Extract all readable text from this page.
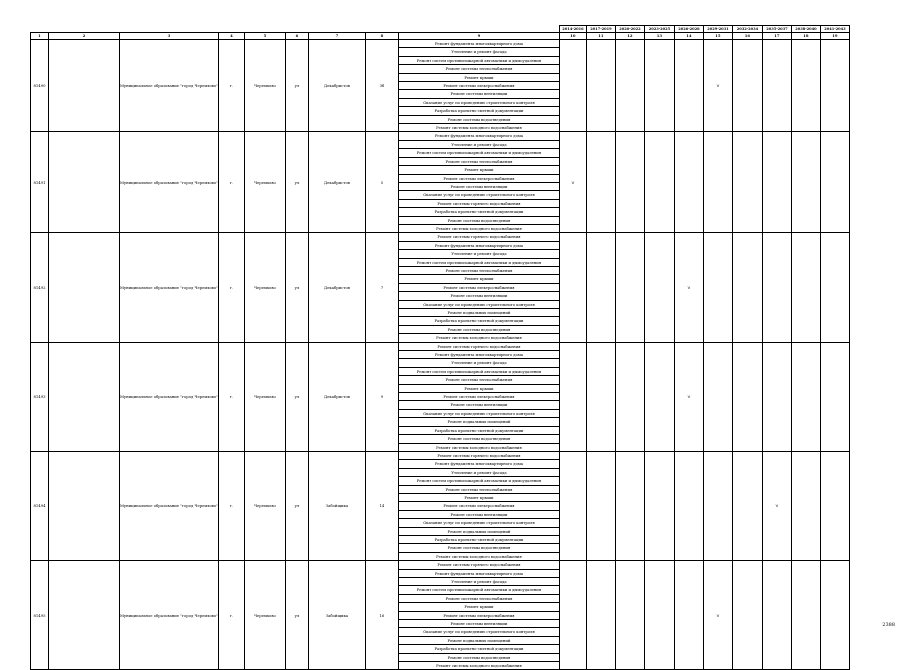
									2014-2016	2017-2019	2020-2022	2023-2025	2026-2028	2029-2031	2032-2034	2035-2037	2038-2040	2041-2043
1	2	3	4	5	6	7	8	9	10	11	12	13	14	15	16	17	18	19
81490		Муниципальное образование "город Черемхово"	г.	Черемхово	ул	Декабристов	3б	Ремонт фундамента многоквартирного дома						V				
								Утепление и ремонт фасада										
								Ремонт систем противопожарной автоматики и дымоудаления										
								Ремонт системы теплоснабжения										
								Ремонт крыши										
								Ремонт системы электроснабжения										
								Ремонт системы вентиляции										
								Оказание услуг по проведению строительного контроля										
								Разработка проектно-сметной документации										
								Ремонт системы водоотведения										
								Ремонт системы холодного водоснабжения										
81491		Муниципальное образование "город Черемхово"	г.	Черемхово	ул	Декабристов	5	Ремонт фундамента многоквартирного дома	V									
								Утепление и ремонт фасада										
								Ремонт систем противопожарной автоматики и дымоудаления										
								Ремонт системы теплоснабжения										
								Ремонт крыши										
								Ремонт системы электроснабжения										
								Ремонт системы вентиляции										
								Оказание услуг по проведению строительного контроля										
								Ремонт системы горячего водоснабжения										
								Разработка проектно-сметной документации										
								Ремонт системы водоотведения										
								Ремонт системы холодного водоснабжения										
81492		Муниципальное образование "город Черемхово"	г.	Черемхово	ул	Декабристов	7	Ремонт системы горячего водоснабжения					V					
								Ремонт фундамента многоквартирного дома										
								Утепление и ремонт фасада										
								Ремонт систем противопожарной автоматики и дымоудаления										
								Ремонт системы теплоснабжения										
								Ремонт крыши										
								Ремонт системы электроснабжения										
								Ремонт системы вентиляции										
								Оказание услуг по проведению строительного контроля										
								Ремонт подвальных помещений										
								Разработка проектно-сметной документации										
								Ремонт системы водоотведения										
								Ремонт системы холодного водоснабжения										
81493		Муниципальное образование "город Черемхово"	г.	Черемхово	ул	Декабристов	9	Ремонт системы горячего водоснабжения					V					
								Ремонт фундамента многоквартирного дома										
								Утепление и ремонт фасада										
								Ремонт систем противопожарной автоматики и дымоудаления										
								Ремонт системы теплоснабжения										
								Ремонт крыши										
								Ремонт системы электроснабжения										
								Ремонт системы вентиляции										
								Оказание услуг по проведению строительного контроля										
								Ремонт подвальных помещений										
								Разработка проектно-сметной документации										
								Ремонт системы водоотведения										
								Ремонт системы холодного водоснабжения										
81494		Муниципальное образование "город Черемхово"	г.	Черемхово	ул	Забойщика	14	Ремонт системы горячего водоснабжения								V		
								Ремонт фундамента многоквартирного дома										
								Утепление и ремонт фасада										
								Ремонт систем противопожарной автоматики и дымоудаления										
								Ремонт системы теплоснабжения										
								Ремонт крыши										
								Ремонт системы электроснабжения										
								Ремонт системы вентиляции										
								Оказание услуг по проведению строительного контроля										
								Ремонт подвальных помещений										
								Разработка проектно-сметной документации										
								Ремонт системы водоотведения										
								Ремонт системы холодного водоснабжения										
81495		Муниципальное образование "город Черемхово"	г.	Черемхово	ул	Забойщика	16	Ремонт системы горячего водоснабжения						V				
								Ремонт фундамента многоквартирного дома										
								Утепление и ремонт фасада										
								Ремонт систем противопожарной автоматики и дымоудаления										
								Ремонт системы теплоснабжения										
								Ремонт крыши										
								Ремонт системы электроснабжения										
								Ремонт системы вентиляции										
								Оказание услуг по проведению строительного контроля										
								Ремонт подвальных помещений										
								Разработка проектно-сметной документации										
								Ремонт системы водоотведения										
								Ремонт системы холодного водоснабжения										
2388
